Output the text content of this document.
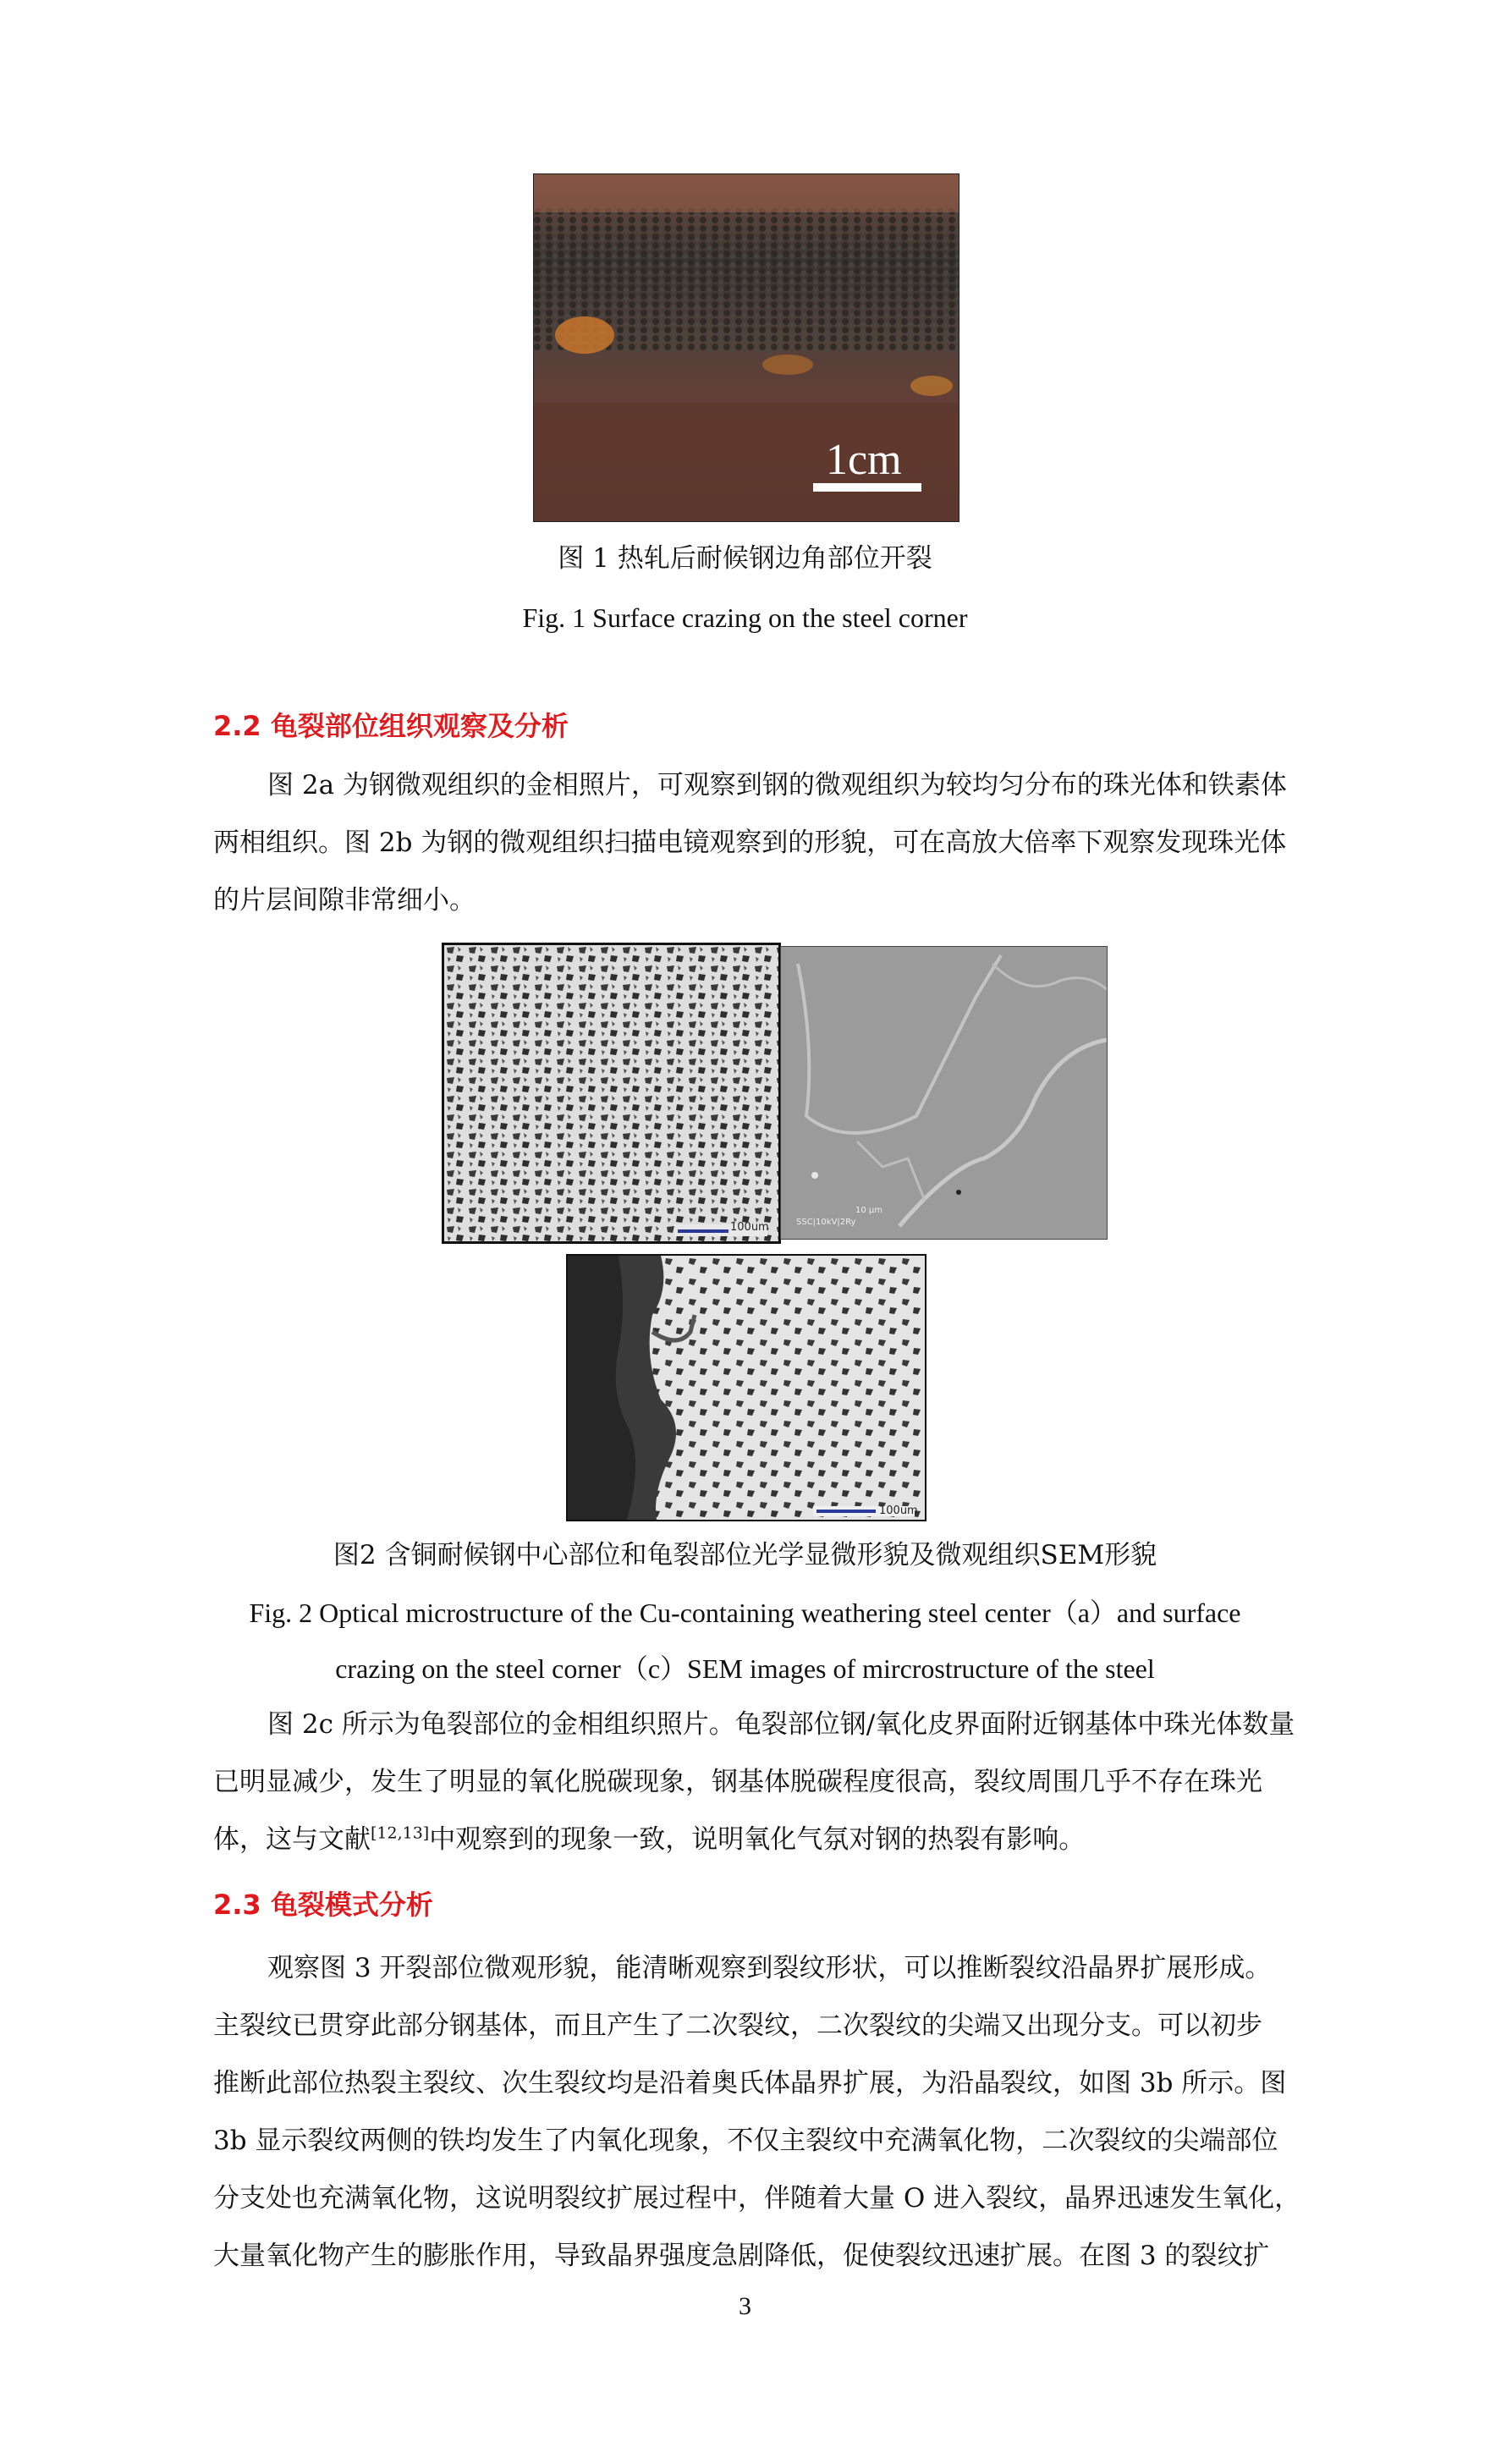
1cm
图 1 热轧后耐候钢边角部位开裂
Fig. 1 Surface crazing on the steel corner
2.2 龟裂部位组织观察及分析
图 2a 为钢微观组织的金相照片，可观察到钢的微观组织为较均匀分布的珠光体和铁素体
两相组织。图 2b 为钢的微观组织扫描电镜观察到的形貌，可在高放大倍率下观察发现珠光体
的片层间隙非常细小。
100um
10 µm
SSC|10kV|2Ry
100um
图2 含铜耐候钢中心部位和龟裂部位光学显微形貌及微观组织SEM形貌
Fig. 2 Optical microstructure of the Cu-containing weathering steel center（a）and surface
crazing on the steel corner（c）SEM images of mircrostructure of the steel
图 2c 所示为龟裂部位的金相组织照片。龟裂部位钢/氧化皮界面附近钢基体中珠光体数量
已明显减少，发生了明显的氧化脱碳现象，钢基体脱碳程度很高，裂纹周围几乎不存在珠光
体，这与文献[12,13]中观察到的现象一致，说明氧化气氛对钢的热裂有影响。
2.3 龟裂模式分析
观察图 3 开裂部位微观形貌，能清晰观察到裂纹形状，可以推断裂纹沿晶界扩展形成。
主裂纹已贯穿此部分钢基体，而且产生了二次裂纹，二次裂纹的尖端又出现分支。可以初步
推断此部位热裂主裂纹、次生裂纹均是沿着奥氏体晶界扩展，为沿晶裂纹，如图 3b 所示。图
3b 显示裂纹两侧的铁均发生了内氧化现象，不仅主裂纹中充满氧化物，二次裂纹的尖端部位
分支处也充满氧化物，这说明裂纹扩展过程中，伴随着大量 O 进入裂纹，晶界迅速发生氧化，
大量氧化物产生的膨胀作用，导致晶界强度急剧降低，促使裂纹迅速扩展。在图 3 的裂纹扩
3
